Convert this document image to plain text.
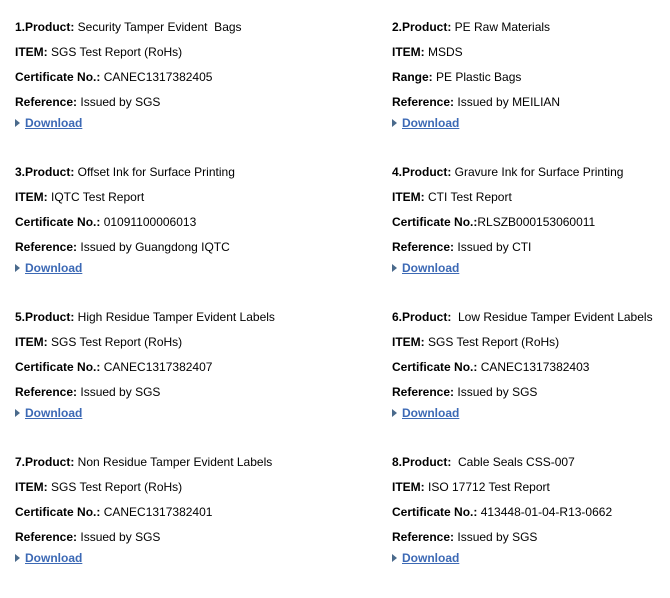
1.Product: Security Tamper Evident  Bags

ITEM: SGS Test Report (RoHs)

Certificate No.: CANEC1317382405

Reference: Issued by SGS

Download

2.Product: PE Raw Materials

ITEM: MSDS

Range: PE Plastic Bags

Reference: Issued by MEILIAN

Download

3.Product: Offset Ink for Surface Printing

ITEM: IQTC Test Report

Certificate No.: 01091100006013

Reference: Issued by Guangdong IQTC

Download

4.Product: Gravure Ink for Surface Printing

ITEM: CTI Test Report

Certificate No.:RLSZB000153060011

Reference: Issued by CTI

Download

5.Product: High Residue Tamper Evident Labels

ITEM: SGS Test Report (RoHs)

Certificate No.: CANEC1317382407

Reference: Issued by SGS

Download

6.Product:  Low Residue Tamper Evident Labels

ITEM: SGS Test Report (RoHs)

Certificate No.: CANEC1317382403

Reference: Issued by SGS

Download

7.Product: Non Residue Tamper Evident Labels

ITEM: SGS Test Report (RoHs)

Certificate No.: CANEC1317382401

Reference: Issued by SGS

Download

8.Product:  Cable Seals CSS-007

ITEM: ISO 17712 Test Report

Certificate No.: 413448-01-04-R13-0662

Reference: Issued by SGS

Download
